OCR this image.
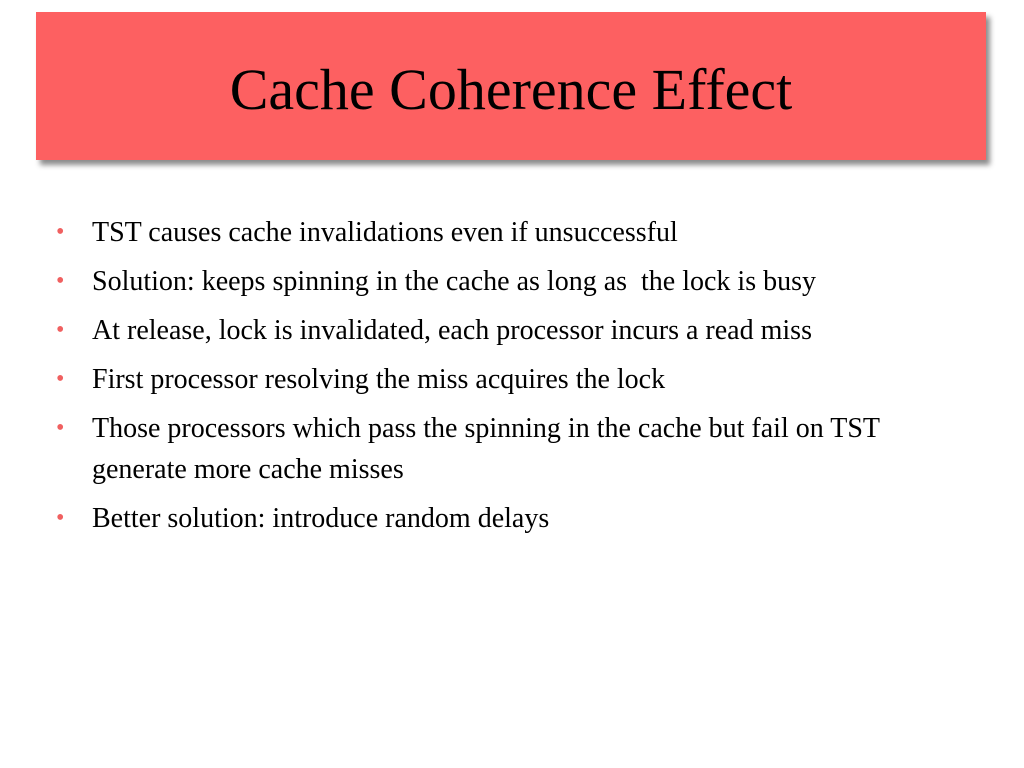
Cache Coherence Effect
• TST causes cache invalidations even if unsuccessful
• Solution: keeps spinning in the cache as long as  the lock is busy
• At release, lock is invalidated, each processor incurs a read miss
• First processor resolving the miss acquires the lock
• Those processors which pass the spinning in the cache but fail on TST generate more cache misses
• Better solution: introduce random delays
